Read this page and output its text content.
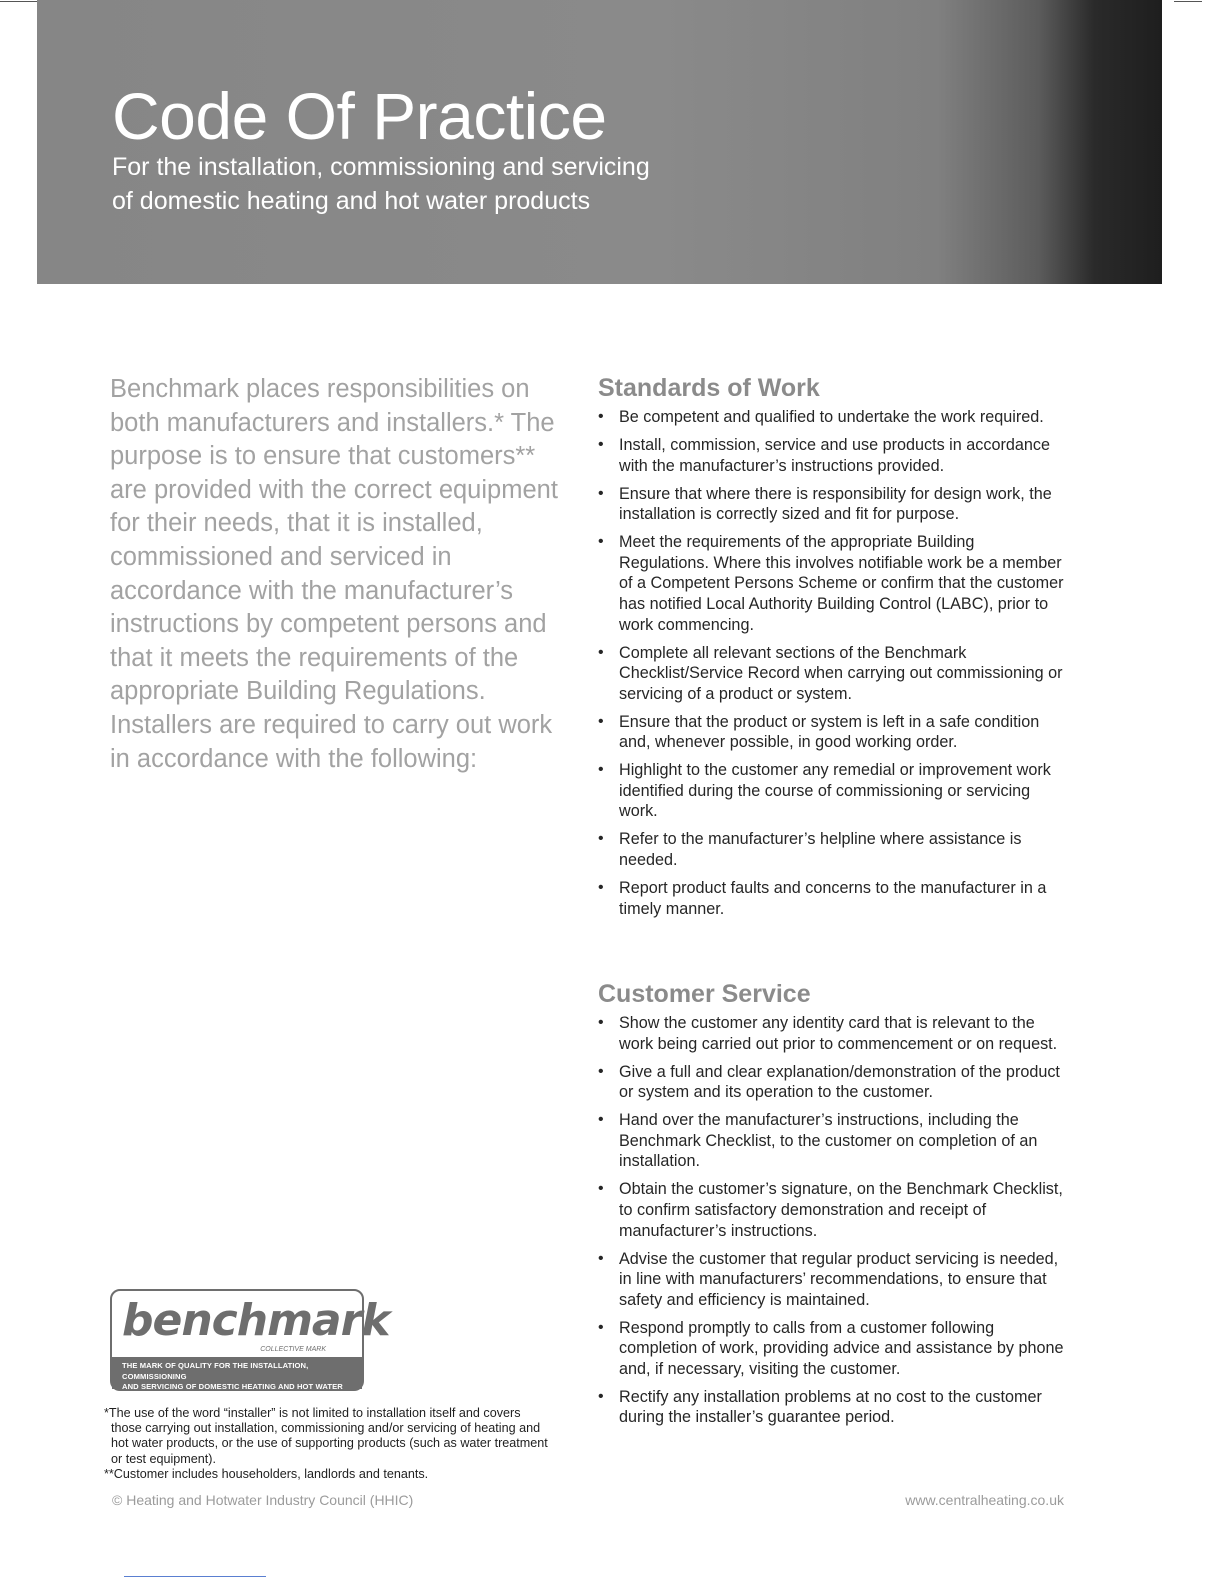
Code Of Practice
For the installation, commissioning and servicing
of domestic heating and hot water products

Benchmark places responsibilities on both manufacturers and installers.* The purpose is to ensure that customers** are provided with the correct equipment for their needs, that it is installed, commissioned and serviced in accordance with the manufacturer’s instructions by competent persons and that it meets the requirements of the appropriate Building Regulations. Installers are required to carry out work in accordance with the following:

Standards of Work
• Be competent and qualified to undertake the work required.
• Install, commission, service and use products in accordance with the manufacturer’s instructions provided.
• Ensure that where there is responsibility for design work, the installation is correctly sized and fit for purpose.
• Meet the requirements of the appropriate Building Regulations. Where this involves notifiable work be a member of a Competent Persons Scheme or confirm that the customer has notified Local Authority Building Control (LABC), prior to work commencing.
• Complete all relevant sections of the Benchmark Checklist/Service Record when carrying out commissioning or servicing of a product or system.
• Ensure that the product or system is left in a safe condition and, whenever possible, in good working order.
• Highlight to the customer any remedial or improvement work identified during the course of commissioning or servicing work.
• Refer to the manufacturer’s helpline where assistance is needed.
• Report product faults and concerns to the manufacturer in a timely manner.
Customer Service
• Show the customer any identity card that is relevant to the work being carried out prior to commencement or on request.
• Give a full and clear explanation/demonstration of the product or system and its operation to the customer.
• Hand over the manufacturer’s instructions, including the Benchmark Checklist, to the customer on completion of an installation.
• Obtain the customer’s signature, on the Benchmark Checklist, to confirm satisfactory demonstration and receipt of manufacturer’s instructions.
• Advise the customer that regular product servicing is needed, in line with manufacturers’ recommendations, to ensure that safety and efficiency is maintained.
• Respond promptly to calls from a customer following completion of work, providing advice and assistance by phone and, if necessary, visiting the customer.
• Rectify any installation problems at no cost to the customer during the installer’s guarantee period.
benchmark
COLLECTIVE MARK
THE MARK OF QUALITY FOR THE INSTALLATION, COMMISSIONING
AND SERVICING OF DOMESTIC HEATING AND HOT WATER SYSTEMS

*The use of the word “installer” is not limited to installation itself and covers those carrying out installation, commissioning and/or servicing of heating and hot water products, or the use of supporting products (such as water treatment or test equipment).

**Customer includes householders, landlords and tenants.

© Heating and Hotwater Industry Council (HHIC)	www.centralheating.co.uk
